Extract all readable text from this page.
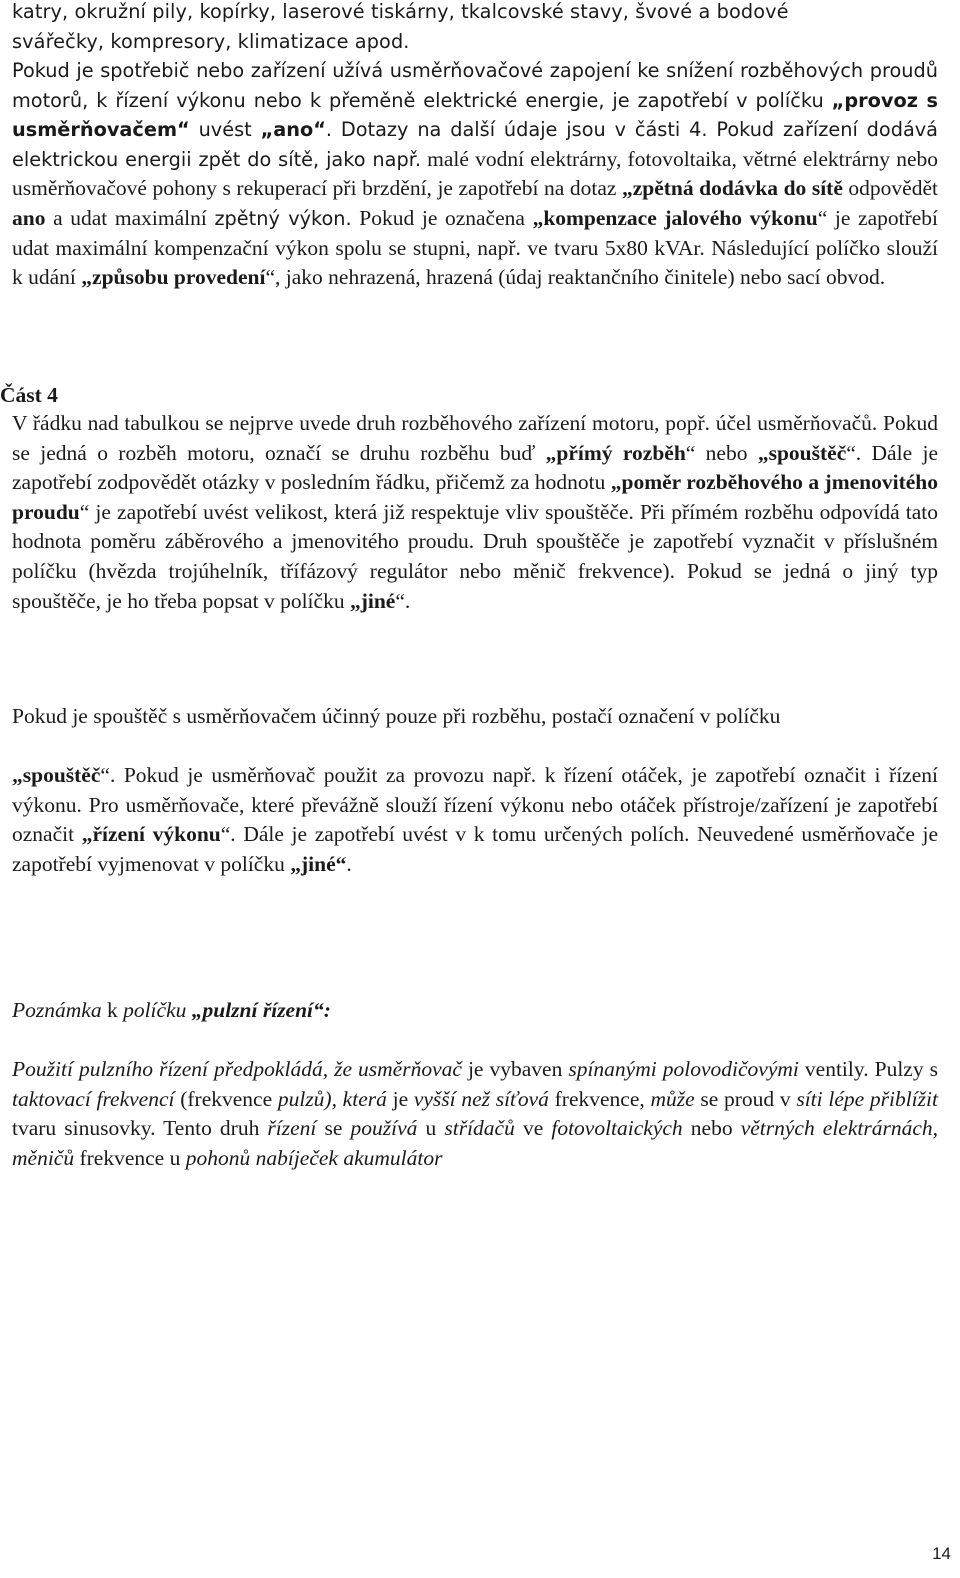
katry, okružní pily, kopírky, laserové tiskárny, tkalcovské stavy, švové a bodové
svářečky, kompresory, klimatizace apod.

Pokud je spotřebič nebo zařízení užívá usměrňovačové zapojení ke snížení rozběhových proudů motorů, k řízení výkonu nebo k přeměně elektrické energie, je zapotřebí v políčku „provoz s usměrňovačem“ uvést „ano“. Dotazy na další údaje jsou v části 4. Pokud zařízení dodává elektrickou energii zpět do sítě, jako např. malé vodní elektrárny, fotovoltaika, větrné elektrárny nebo usměrňovačové pohony s rekuperací při brzdění, je zapotřebí na dotaz „zpětná dodávka do sítě odpovědět ano a udat maximální zpětný výkon. Pokud je označena „kompenzace jalového výkonu“ je zapotřebí udat maximální kompenzační výkon spolu se stupni, např. ve tvaru 5x80 kVAr. Následující políčko slouží k udání „způsobu provedení“, jako nehrazená, hrazená (údaj reaktančního činitele) nebo sací obvod.

Část 4

V řádku nad tabulkou se nejprve uvede druh rozběhového zařízení motoru, popř. účel usměrňovačů. Pokud se jedná o rozběh motoru, označí se druhu rozběhu buď „přímý rozběh“ nebo „spouštěč“. Dále je zapotřebí zodpovědět otázky v posledním řádku, přičemž za hodnotu „poměr rozběhového a jmenovitého proudu“ je zapotřebí uvést velikost, která již respektuje vliv spouštěče. Při přímém rozběhu odpovídá tato hodnota poměru záběrového a jmenovitého proudu. Druh spouštěče je zapotřebí vyznačit v příslušném políčku (hvězda trojúhelník, třífázový regulátor nebo měnič frekvence). Pokud se jedná o jiný typ spouštěče, je ho třeba popsat v políčku „jiné“.

Pokud je spouštěč s usměrňovačem účinný pouze při rozběhu, postačí označení v políčku

„spouštěč“. Pokud je usměrňovač použit za provozu např. k řízení otáček, je zapotřebí označit i řízení výkonu. Pro usměrňovače, které převážně slouží řízení výkonu nebo otáček přístroje/zařízení je zapotřebí označit „řízení výkonu“. Dále je zapotřebí uvést v k tomu určených polích. Neuvedené usměrňovače je zapotřebí vyjmenovat v políčku „jiné“.

Poznámka k políčku „pulzní řízení“:

Použití pulzního řízení předpokládá, že usměrňovač je vybaven spínanými polovodičovými ventily. Pulzy s taktovací frekvencí (frekvence pulzů), která je vyšší než síťová frekvence, může se proud v síti lépe přiblížit tvaru sinusovky. Tento druh řízení se používá u střídačů ve fotovoltaických nebo větrných elektrárnách, měničů frekvence u pohonů nabíječek akumulátor

14
